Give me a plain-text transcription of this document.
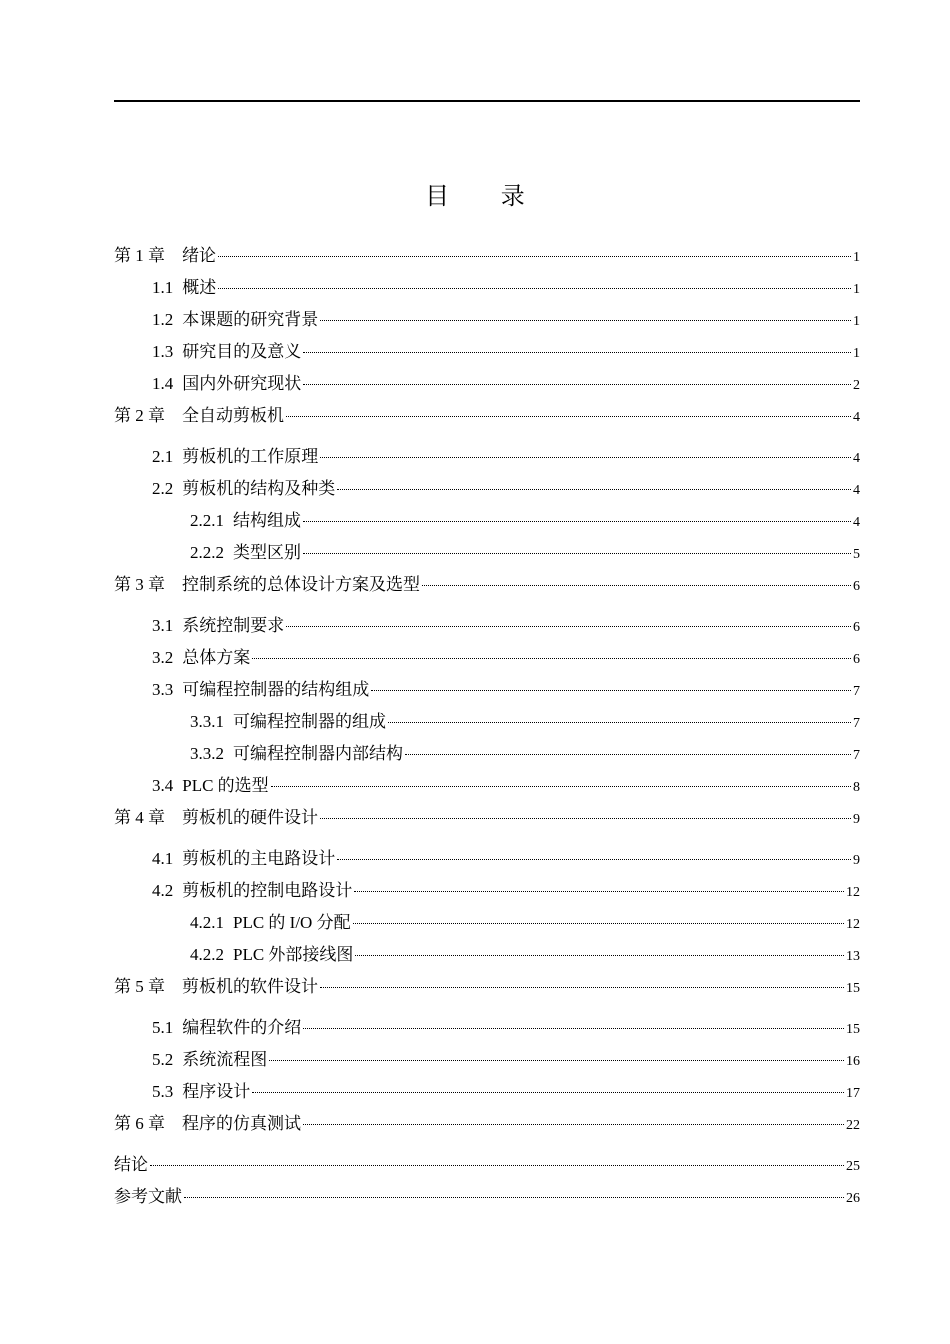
目 录
第 1 章 绪论	1
1.1 概述	1
1.2 本课题的研究背景	1
1.3 研究目的及意义	1
1.4 国内外研究现状	2
第 2 章 全自动剪板机	4
2.1 剪板机的工作原理	4
2.2 剪板机的结构及种类	4
2.2.1 结构组成	4
2.2.2 类型区别	5
第 3 章 控制系统的总体设计方案及选型	6
3.1 系统控制要求	6
3.2 总体方案	6
3.3 可编程控制器的结构组成	7
3.3.1 可编程控制器的组成	7
3.3.2 可编程控制器内部结构	7
3.4 PLC 的选型	8
第 4 章 剪板机的硬件设计	9
4.1 剪板机的主电路设计	9
4.2 剪板机的控制电路设计	12
4.2.1 PLC 的 I/O 分配	12
4.2.2 PLC 外部接线图	13
第 5 章 剪板机的软件设计	15
5.1 编程软件的介绍	15
5.2 系统流程图	16
5.3 程序设计	17
第 6 章 程序的仿真测试	22
结论	25
参考文献	26
